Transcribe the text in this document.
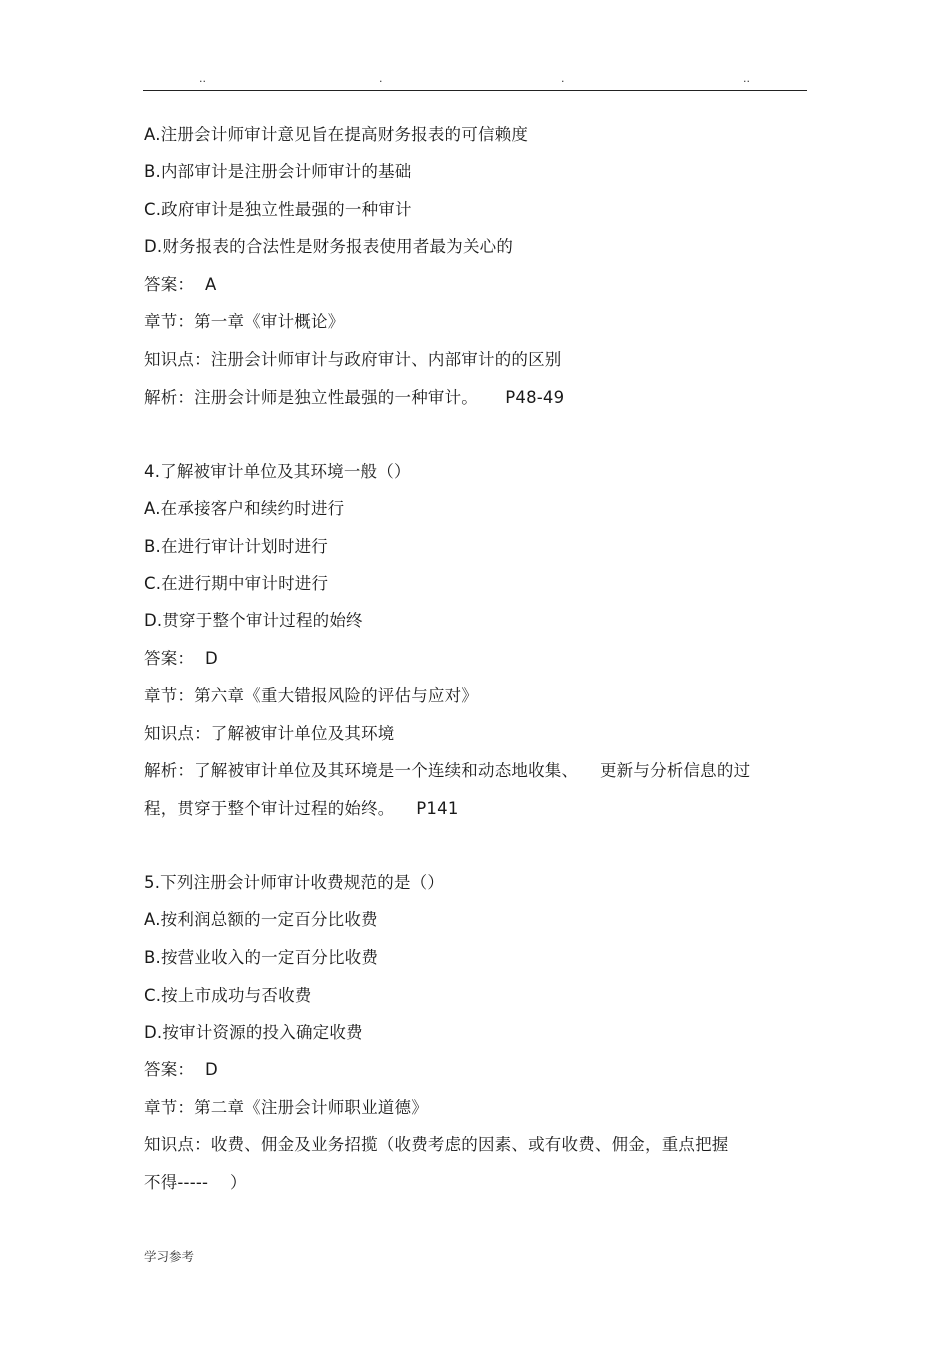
..	.	.	..
A.注册会计师审计意见旨在提高财务报表的可信赖度
B.内部审计是注册会计师审计的基础
C.政府审计是独立性最强的一种审计
D.财务报表的合法性是财务报表使用者最为关心的
答案：  A
章节：第一章《审计概论》
知识点：注册会计师审计与政府审计、内部审计的的区别
解析：注册会计师是独立性最强的一种审计。     P48-49
4.了解被审计单位及其环境一般（）
A.在承接客户和续约时进行
B.在进行审计计划时进行
C.在进行期中审计时进行
D.贯穿于整个审计过程的始终
答案：  D
章节：第六章《重大错报风险的评估与应对》
知识点：了解被审计单位及其环境
解析：了解被审计单位及其环境是一个连续和动态地收集、    更新与分析信息的过
程，贯穿于整个审计过程的始终。    P141
5.下列注册会计师审计收费规范的是（）
A.按利润总额的一定百分比收费
B.按营业收入的一定百分比收费
C.按上市成功与否收费
D.按审计资源的投入确定收费
答案：  D
章节：第二章《注册会计师职业道德》
知识点：收费、佣金及业务招揽（收费考虑的因素、或有收费、佣金，重点把握
不得-----    ）
学习参考
